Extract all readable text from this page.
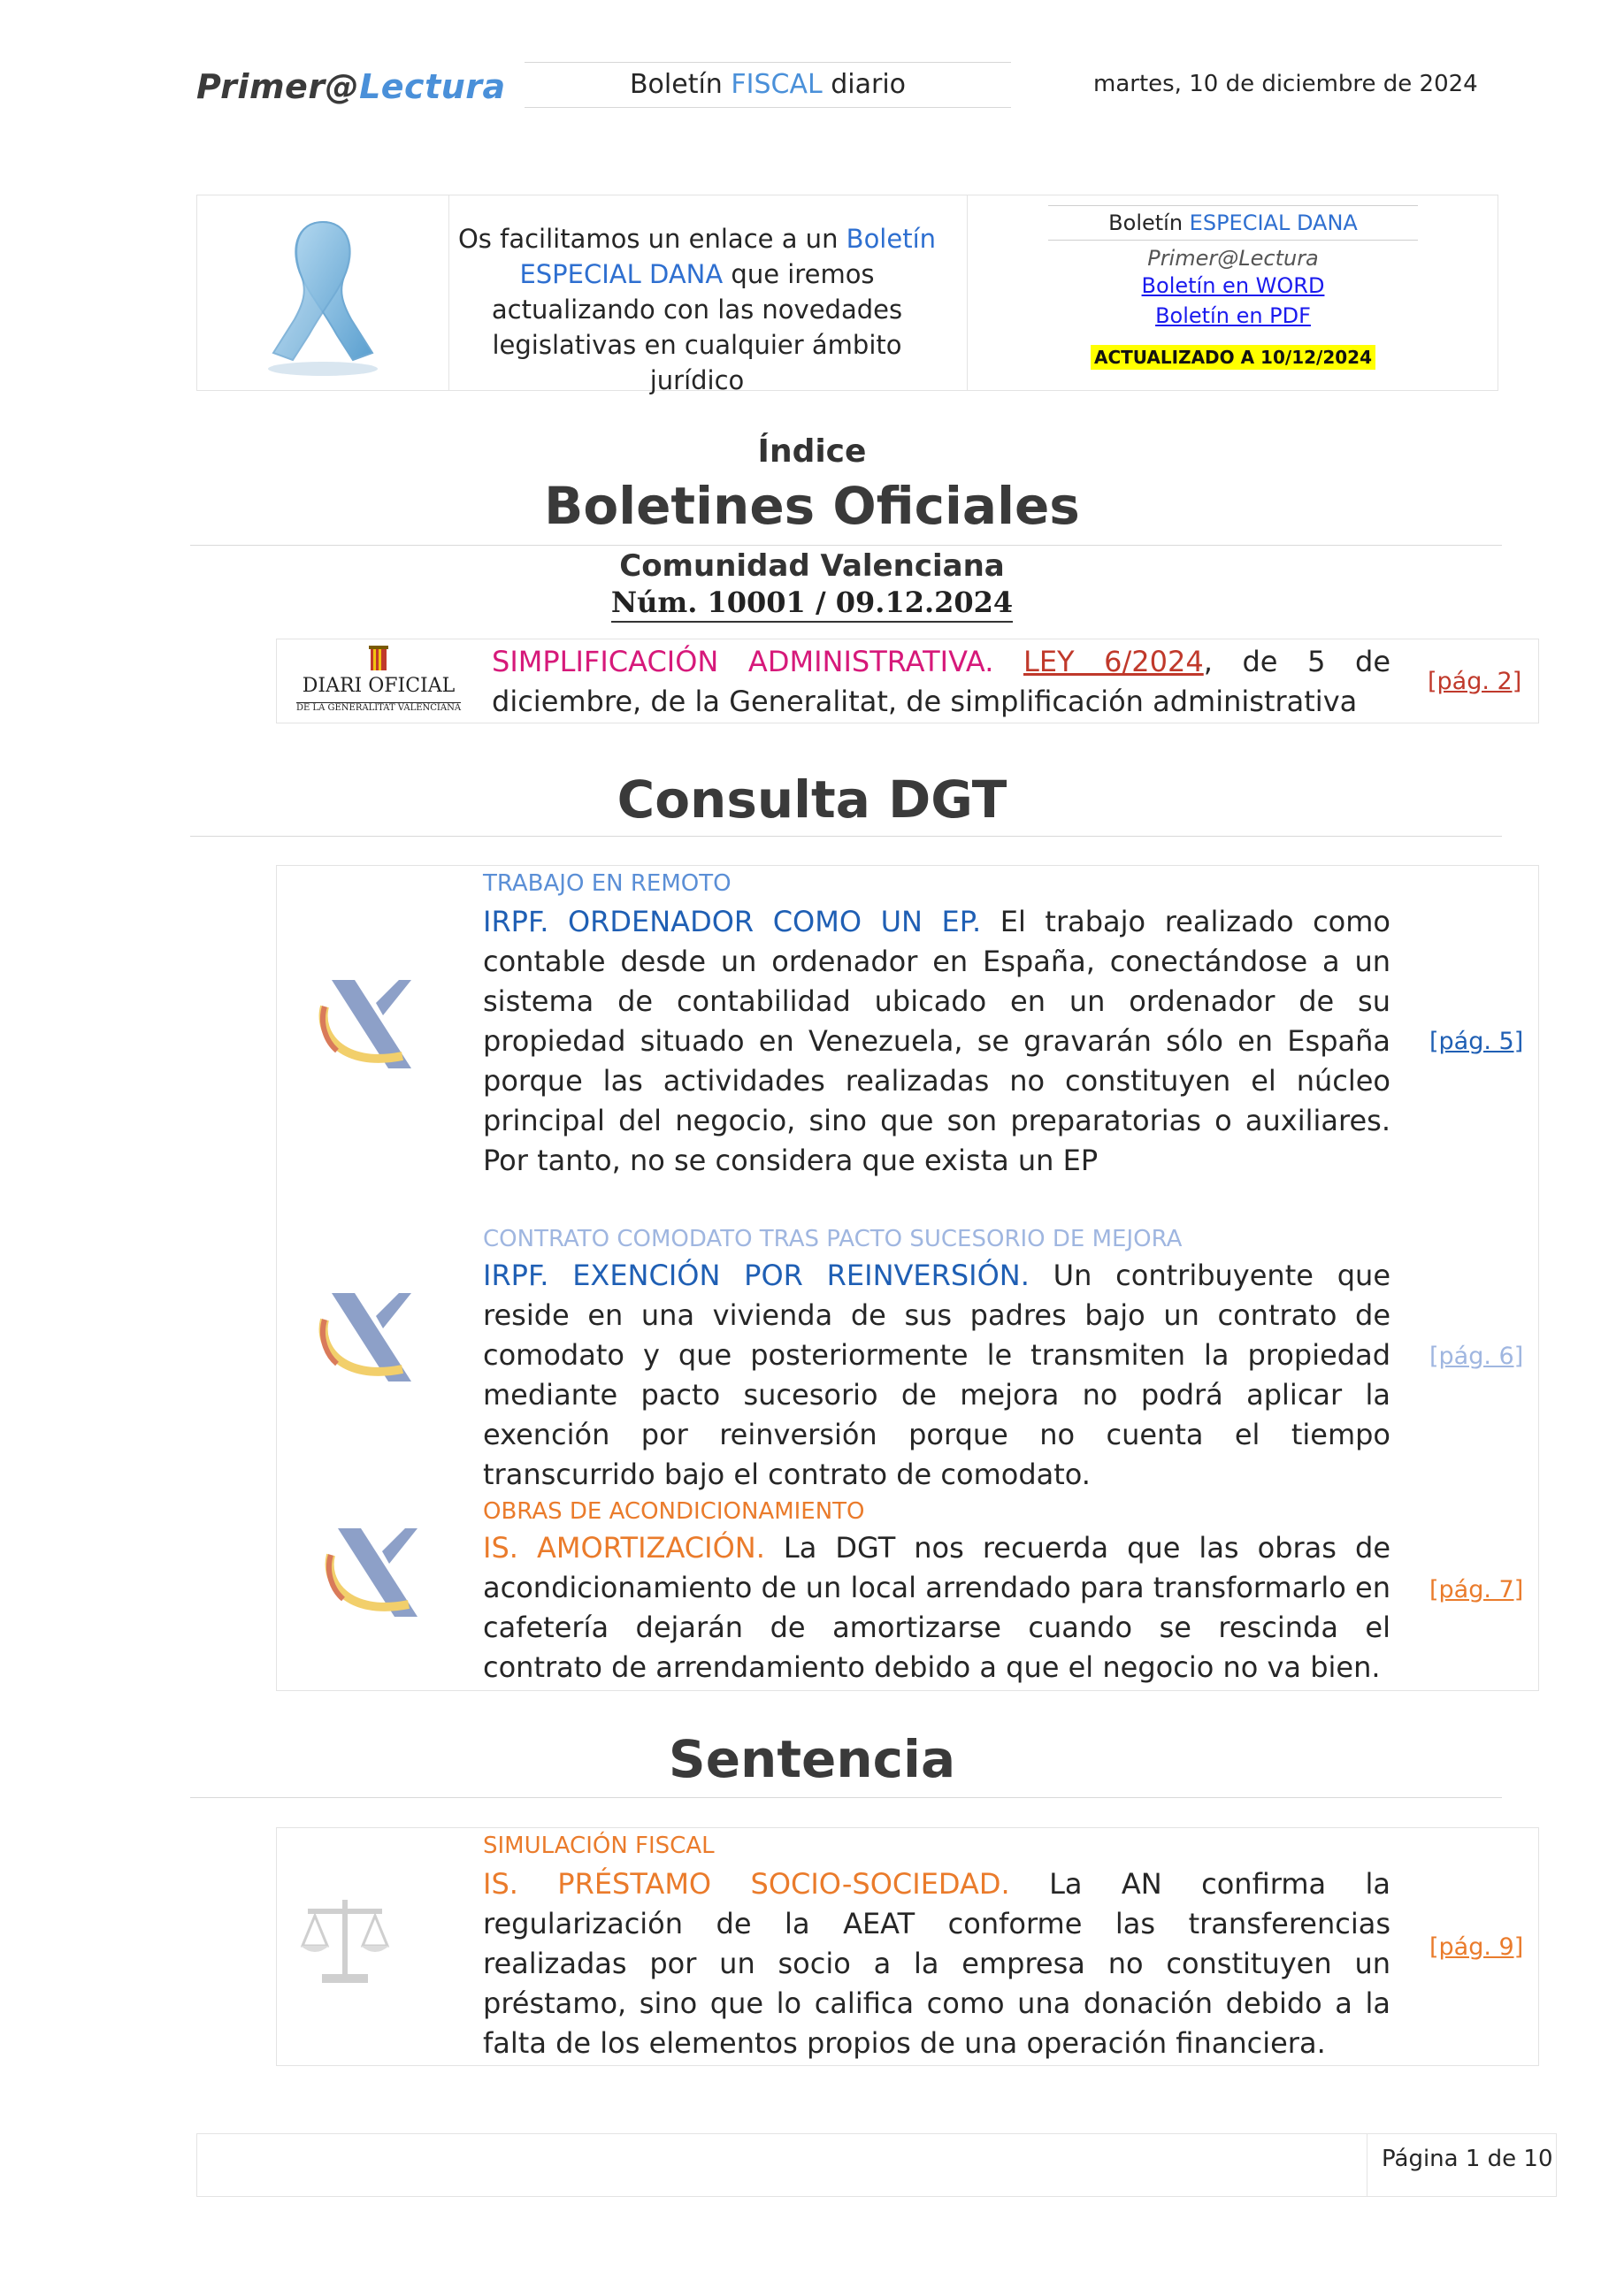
Primer@Lectura	Boletín FISCAL diario	martes, 10 de diciembre de 2024
Os facilitamos un enlace a un Boletín ESPECIAL DANA que iremos actualizando con las novedades legislativas en cualquier ámbito jurídico
Boletín ESPECIAL DANA
Primer@Lectura
Boletín en WORD
Boletín en PDF
ACTUALIZADO A 10/12/2024
Índice
Boletines Oficiales
Comunidad Valenciana
Núm. 10001 / 09.12.2024
DIARI OFICIAL
DE LA GENERALITAT VALENCIANA
SIMPLIFICACIÓN ADMINISTRATIVA. LEY 6/2024, de 5 de diciembre, de la Generalitat, de simplificación administrativa
[pág. 2]
Consulta DGT
TRABAJO EN REMOTO
IRPF. ORDENADOR COMO UN EP. El trabajo realizado como contable desde un ordenador en España, conectándose a un sistema de contabilidad ubicado en un ordenador de su propiedad situado en Venezuela, se gravarán sólo en España porque las actividades realizadas no constituyen el núcleo principal del negocio, sino que son preparatorias o auxiliares. Por tanto, no se considera que exista un EP
[pág. 5]
CONTRATO COMODATO TRAS PACTO SUCESORIO DE MEJORA
IRPF. EXENCIÓN POR REINVERSIÓN. Un contribuyente que reside en una vivienda de sus padres bajo un contrato de comodato y que posteriormente le transmiten la propiedad mediante pacto sucesorio de mejora no podrá aplicar la exención por reinversión porque no cuenta el tiempo transcurrido bajo el contrato de comodato.
[pág. 6]
OBRAS DE ACONDICIONAMIENTO
IS. AMORTIZACIÓN. La DGT nos recuerda que las obras de acondicionamiento de un local arrendado para transformarlo en cafetería dejarán de amortizarse cuando se rescinda el contrato de arrendamiento debido a que el negocio no va bien.
[pág. 7]
Sentencia
SIMULACIÓN FISCAL
IS. PRÉSTAMO SOCIO-SOCIEDAD. La AN confirma la regularización de la AEAT conforme las transferencias realizadas por un socio a la empresa no constituyen un préstamo, sino que lo califica como una donación debido a la falta de los elementos propios de una operación financiera.
[pág. 9]
Página 1 de 10
